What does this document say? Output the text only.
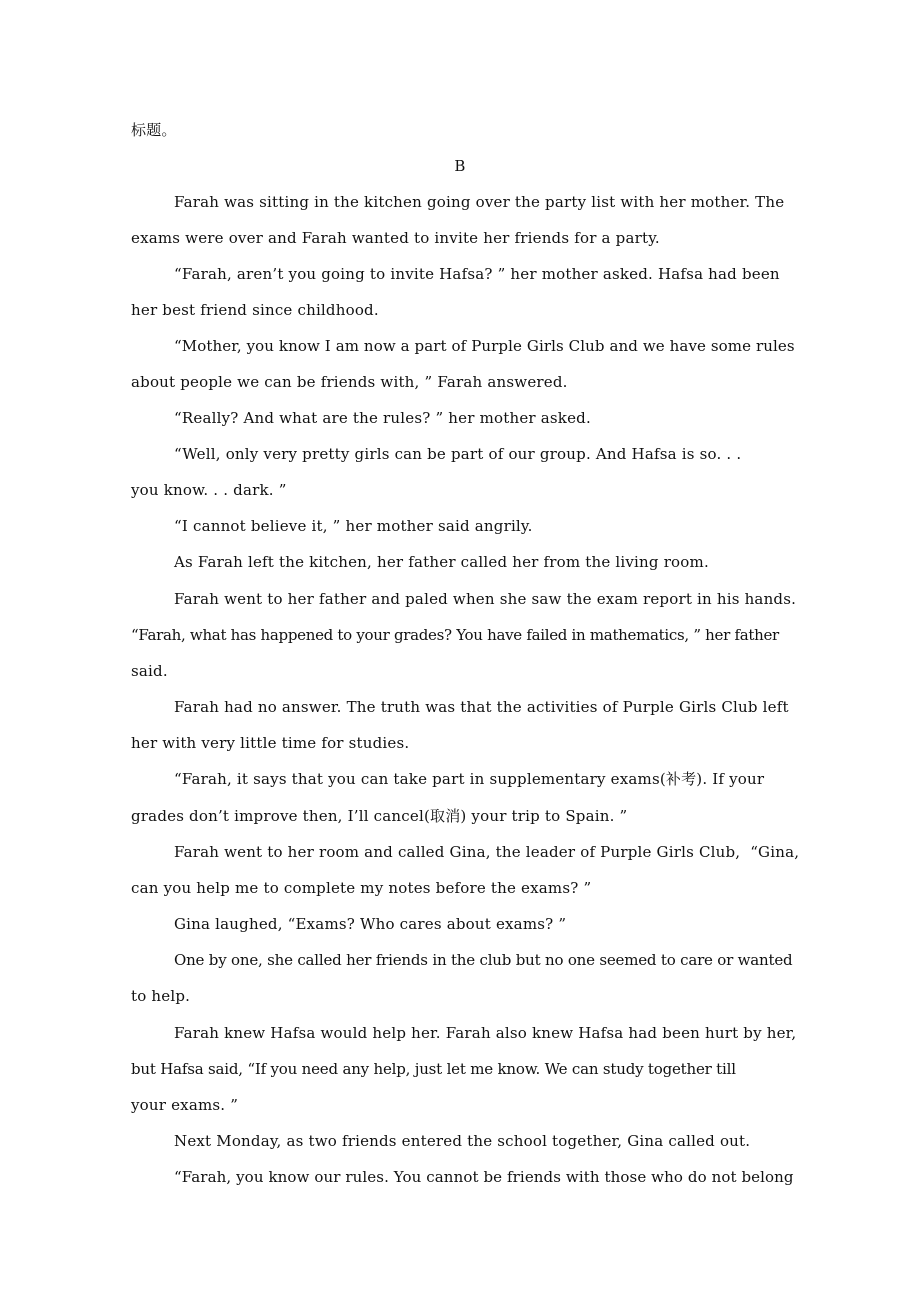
标题。
B
Farah was sitting in the kitchen going over the party list with her mother. The
exams were over and Farah wanted to invite her friends for a party.
“Farah, aren’t you going to invite Hafsa? ” her mother asked. Hafsa had been
her best friend since childhood.
“Mother, you know I am now a part of Purple Girls Club and we have some rules
about people we can be friends with, ” Farah answered.
“Really? And what are the rules? ” her mother asked.
“Well, only very pretty girls can be part of our group. And Hafsa is so. . .
you know. . . dark. ”
“I cannot believe it, ” her mother said angrily.
As Farah left the kitchen, her father called her from the living room.
Farah went to her father and paled when she saw the exam report in his hands.
“Farah, what has happened to your grades? You have failed in mathematics, ” her father
said.
Farah had no answer. The truth was that the activities of Purple Girls Club left
her with very little time for studies.
“Farah, it says that you can take part in supplementary exams(补考). If your
grades don’t improve then, I’ll cancel(取消) your trip to Spain. ”
Farah went to her room and called Gina, the leader of Purple Girls Club,  “Gina,
can you help me to complete my notes before the exams? ”
Gina laughed, “Exams? Who cares about exams? ”
One by one, she called her friends in the club but no one seemed to care or wanted
to help.
Farah knew Hafsa would help her. Farah also knew Hafsa had been hurt by her,
but Hafsa said, “If you need any help, just let me know. We can study together till
your exams. ”
Next Monday, as two friends entered the school together, Gina called out.
“Farah, you know our rules. You cannot be friends with those who do not belong
